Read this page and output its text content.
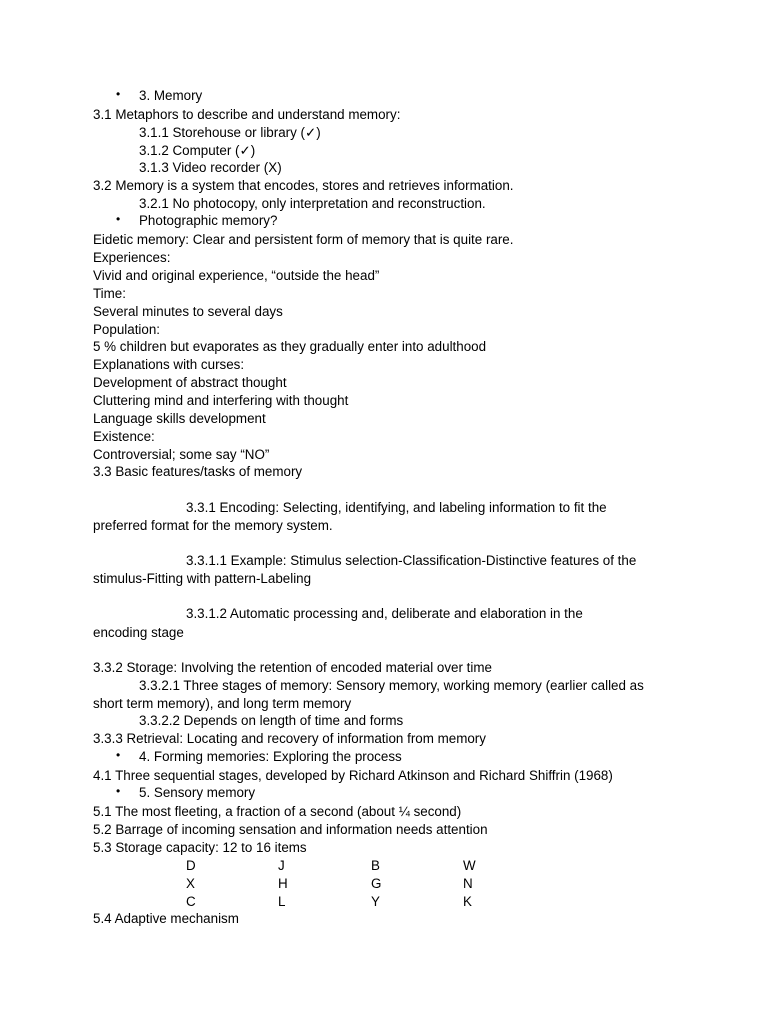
• 3. Memory
3.1 Metaphors to describe and understand memory:
3.1.1 Storehouse or library (✓)
3.1.2 Computer (✓)
3.1.3 Video recorder (X)
3.2 Memory is a system that encodes, stores and retrieves information.
3.2.1 No photocopy, only interpretation and reconstruction.
• Photographic memory?
Eidetic memory: Clear and persistent form of memory that is quite rare.
Experiences:
Vivid and original experience, “outside the head”
Time:
Several minutes to several days
Population:
5 % children but evaporates as they gradually enter into adulthood
Explanations with curses:
Development of abstract thought
Cluttering mind and interfering with thought
Language skills development
Existence:
Controversial; some say “NO”
3.3 Basic features/tasks of memory
3.3.1 Encoding: Selecting, identifying, and labeling information to fit the
preferred format for the memory system.
3.3.1.1 Example: Stimulus selection-Classification-Distinctive features of the
stimulus-Fitting with pattern-Labeling
3.3.1.2 Automatic processing and, deliberate and elaboration in the
encoding stage
3.3.2 Storage: Involving the retention of encoded material over time
3.3.2.1 Three stages of memory: Sensory memory, working memory (earlier called as
short term memory), and long term memory
3.3.2.2 Depends on length of time and forms
3.3.3 Retrieval: Locating and recovery of information from memory
• 4. Forming memories: Exploring the process
4.1 Three sequential stages, developed by Richard Atkinson and Richard Shiffrin (1968)
• 5. Sensory memory
5.1 The most fleeting, a fraction of a second (about ¼ second)
5.2 Barrage of incoming sensation and information needs attention
5.3 Storage capacity: 12 to 16 items
D	J	B	W
X	H	G	N
C	L	Y	K
5.4 Adaptive mechanism
